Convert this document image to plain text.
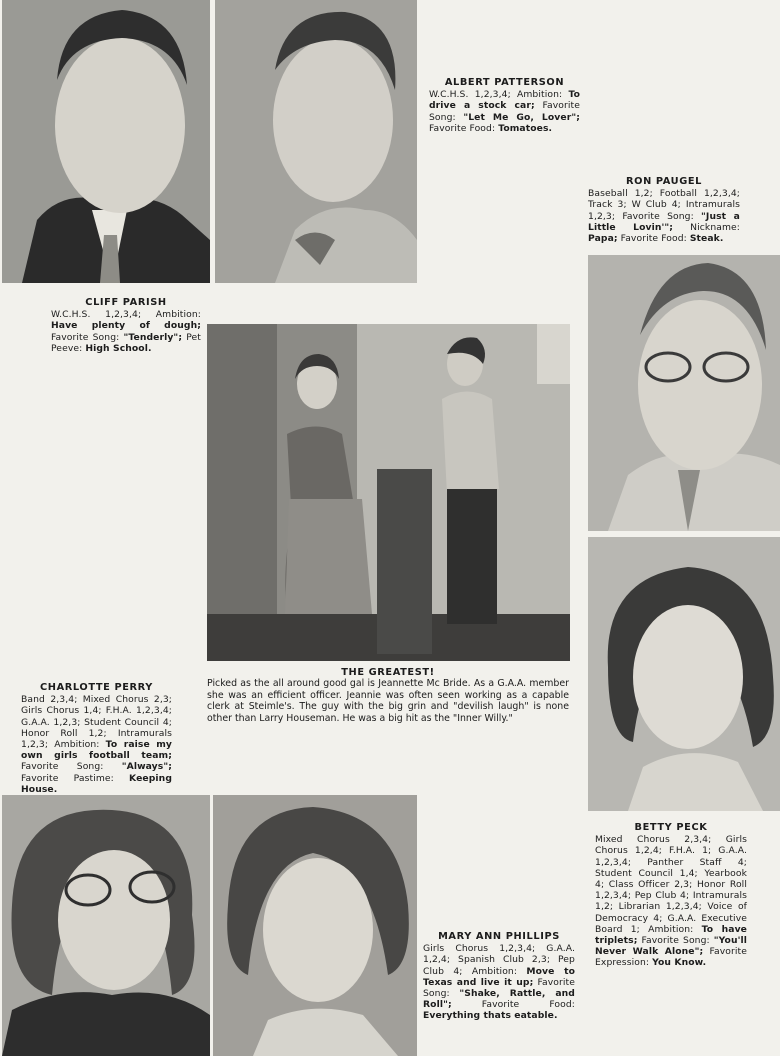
ALBERT PATTERSON
W.C.H.S. 1,2,3,4; Ambition: To drive a stock car; Favorite Song: "Let Me Go, Lover"; Favorite Food: Tomatoes.
RON PAUGEL
Baseball 1,2; Football 1,2,3,4; Track 3; W Club 4; Intramurals 1,2,3; Favorite Song: "Just a Little Lovin'"; Nickname: Papa; Favorite Food: Steak.
CLIFF PARISH
W.C.H.S. 1,2,3,4; Ambition: Have plenty of dough; Favorite Song: "Tenderly"; Pet Peeve: High School.
CHARLOTTE PERRY
Band 2,3,4; Mixed Chorus 2,3; Girls Chorus 1,4; F.H.A. 1,2,3,4; G.A.A. 1,2,3; Student Council 4; Honor Roll 1,2; Intramurals 1,2,3; Ambition: To raise my own girls football team; Favorite Song: "Always"; Favorite Pastime: Keeping House.
BETTY PECK
Mixed Chorus 2,3,4; Girls Chorus 1,2,4; F.H.A. 1; G.A.A. 1,2,3,4; Panther Staff 4; Student Council 1,4; Yearbook 4; Class Officer 2,3; Honor Roll 1,2,3,4; Pep Club 4; Intramurals 1,2; Librarian 1,2,3,4; Voice of Democracy 4; G.A.A. Executive Board 1; Ambition: To have triplets; Favorite Song: "You'll Never Walk Alone"; Favorite Expression: You Know.
MARY ANN PHILLIPS
Girls Chorus 1,2,3,4; G.A.A. 1,2,4; Spanish Club 2,3; Pep Club 4; Ambition: Move to Texas and live it up; Favorite Song: "Shake, Rattle, and Roll"; Favorite Food: Everything thats eatable.
THE GREATEST!
Picked as the all around good gal is Jeannette Mc Bride. As a G.A.A. member she was an efficient officer. Jeannie was often seen working as a capable clerk at Steimle's. The guy with the big grin and "devilish laugh" is none other than Larry Houseman. He was a big hit as the "Inner Willy."
